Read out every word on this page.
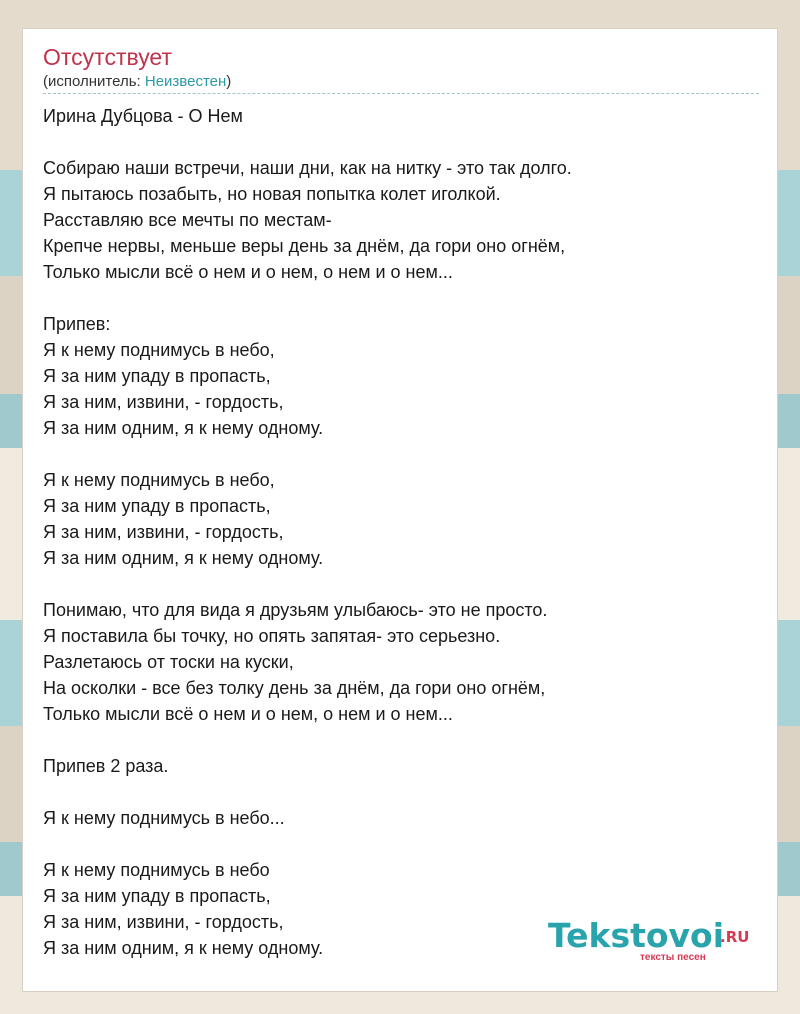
Отсутствует
(исполнитель: Неизвестен)
Ирина Дубцова - О Нем
Собираю наши встречи, наши дни, как на нитку - это так долго.
Я пытаюсь позабыть, но новая попытка колет иголкой.
Расставляю все мечты по местам-
Крепче нервы, меньше веры день за днём, да гори оно огнём,
Только мысли всё о нем и о нем, о нем и о нем...
Припев:
Я к нему поднимусь в небо,
Я за ним упаду в пропасть,
Я за ним, извини, - гордость,
Я за ним одним, я к нему одному.
Я к нему поднимусь в небо,
Я за ним упаду в пропасть,
Я за ним, извини, - гордость,
Я за ним одним, я к нему одному.
Понимаю, что для вида я друзьям улыбаюсь- это не просто.
Я поставила бы точку, но опять запятая- это серьезно.
Разлетаюсь от тоски на куски,
На осколки - все без толку день за днём, да гори оно огнём,
Только мысли всё о нем и о нем, о нем и о нем...
Припев 2 раза.
Я к нему поднимусь в небо...
Я к нему поднимусь в небо
Я за ним упаду в пропасть,
Я за ним, извини, - гордость,
Я за ним одним, я к нему одному.	Tekstovoi
.RU
тексты песен
